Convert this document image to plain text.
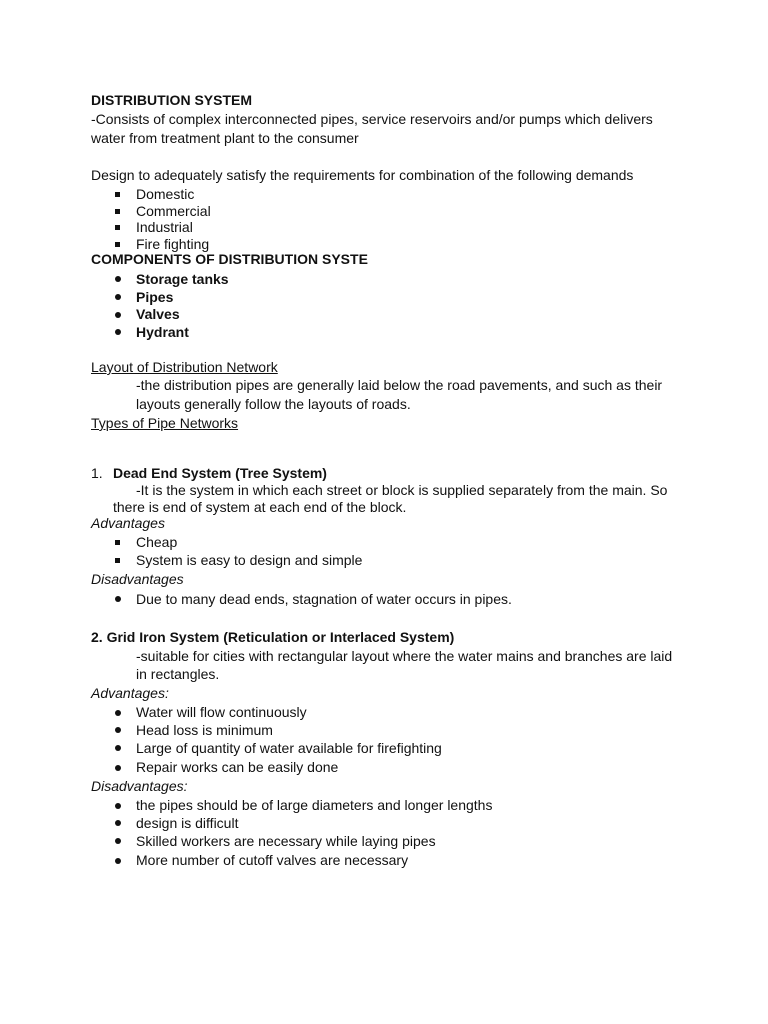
DISTRIBUTION SYSTEM
-Consists of complex interconnected pipes, service reservoirs and/or pumps which delivers
water from treatment plant to the consumer
Design to adequately satisfy the requirements for combination of the following demands
Domestic
Commercial
Industrial
Fire fighting
COMPONENTS OF DISTRIBUTION SYSTE
Storage tanks
Pipes
Valves
Hydrant
Layout of Distribution Network
-the distribution pipes are generally laid below the road pavements, and such as their
layouts generally follow the layouts of roads.
Types of Pipe Networks
1. Dead End System (Tree System)
-It is the system in which each street or block is supplied separately from the main. So
there is end of system at each end of the block.
Advantages
Cheap
System is easy to design and simple
Disadvantages
Due to many dead ends, stagnation of water occurs in pipes.
2. Grid Iron System (Reticulation or Interlaced System)
-suitable for cities with rectangular layout where the water mains and branches are laid
in rectangles.
Advantages:
Water will flow continuously
Head loss is minimum
Large of quantity of water available for firefighting
Repair works can be easily done
Disadvantages:
the pipes should be of large diameters and longer lengths
design is difficult
Skilled workers are necessary while laying pipes
More number of cutoff valves are necessary
